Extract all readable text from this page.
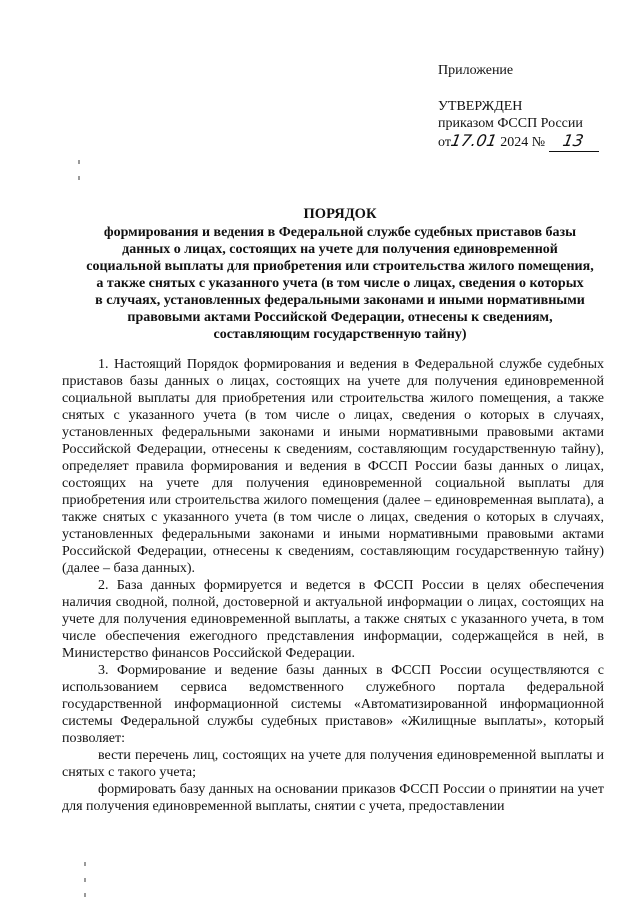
Приложение
УТВЕРЖДЕН
приказом ФССП России
от17.01 2024 № 13
ПОРЯДОК
формирования и ведения в Федеральной службе судебных приставов базы
данных о лицах, состоящих на учете для получения единовременной
социальной выплаты для приобретения или строительства жилого помещения,
а также снятых с указанного учета (в том числе о лицах, сведения о которых
в случаях, установленных федеральными законами и иными нормативными
правовыми актами Российской Федерации, отнесены к сведениям,
составляющим государственную тайну)

1. Настоящий Порядок формирования и ведения в Федеральной службе судебных приставов базы данных о лицах, состоящих на учете для получения единовременной социальной выплаты для приобретения или строительства жилого помещения, а также снятых с указанного учета (в том числе о лицах, сведения о которых в случаях, установленных федеральными законами и иными нормативными правовыми актами Российской Федерации, отнесены к сведениям, составляющим государственную тайну), определяет правила формирования и ведения в ФССП России базы данных о лицах, состоящих на учете для получения единовременной социальной выплаты для приобретения или строительства жилого помещения (далее – единовременная выплата), а также снятых с указанного учета (в том числе о лицах, сведения о которых в случаях, установленных федеральными законами и иными нормативными правовыми актами Российской Федерации, отнесены к сведениям, составляющим государственную тайну) (далее – база данных).

2. База данных формируется и ведется в ФССП России в целях обеспечения наличия сводной, полной, достоверной и актуальной информации о лицах, состоящих на учете для получения единовременной выплаты, а также снятых с указанного учета, в том числе обеспечения ежегодного представления информации, содержащейся в ней, в Министерство финансов Российской Федерации.

3. Формирование и ведение базы данных в ФССП России осуществляются с использованием сервиса ведомственного служебного портала федеральной государственной информационной системы «Автоматизированной информационной системы Федеральной службы судебных приставов» «Жилищные выплаты», который позволяет:

вести перечень лиц, состоящих на учете для получения единовременной выплаты и снятых с такого учета;

формировать базу данных на основании приказов ФССП России о принятии на учет для получения единовременной выплаты, снятии с учета, предоставлении
